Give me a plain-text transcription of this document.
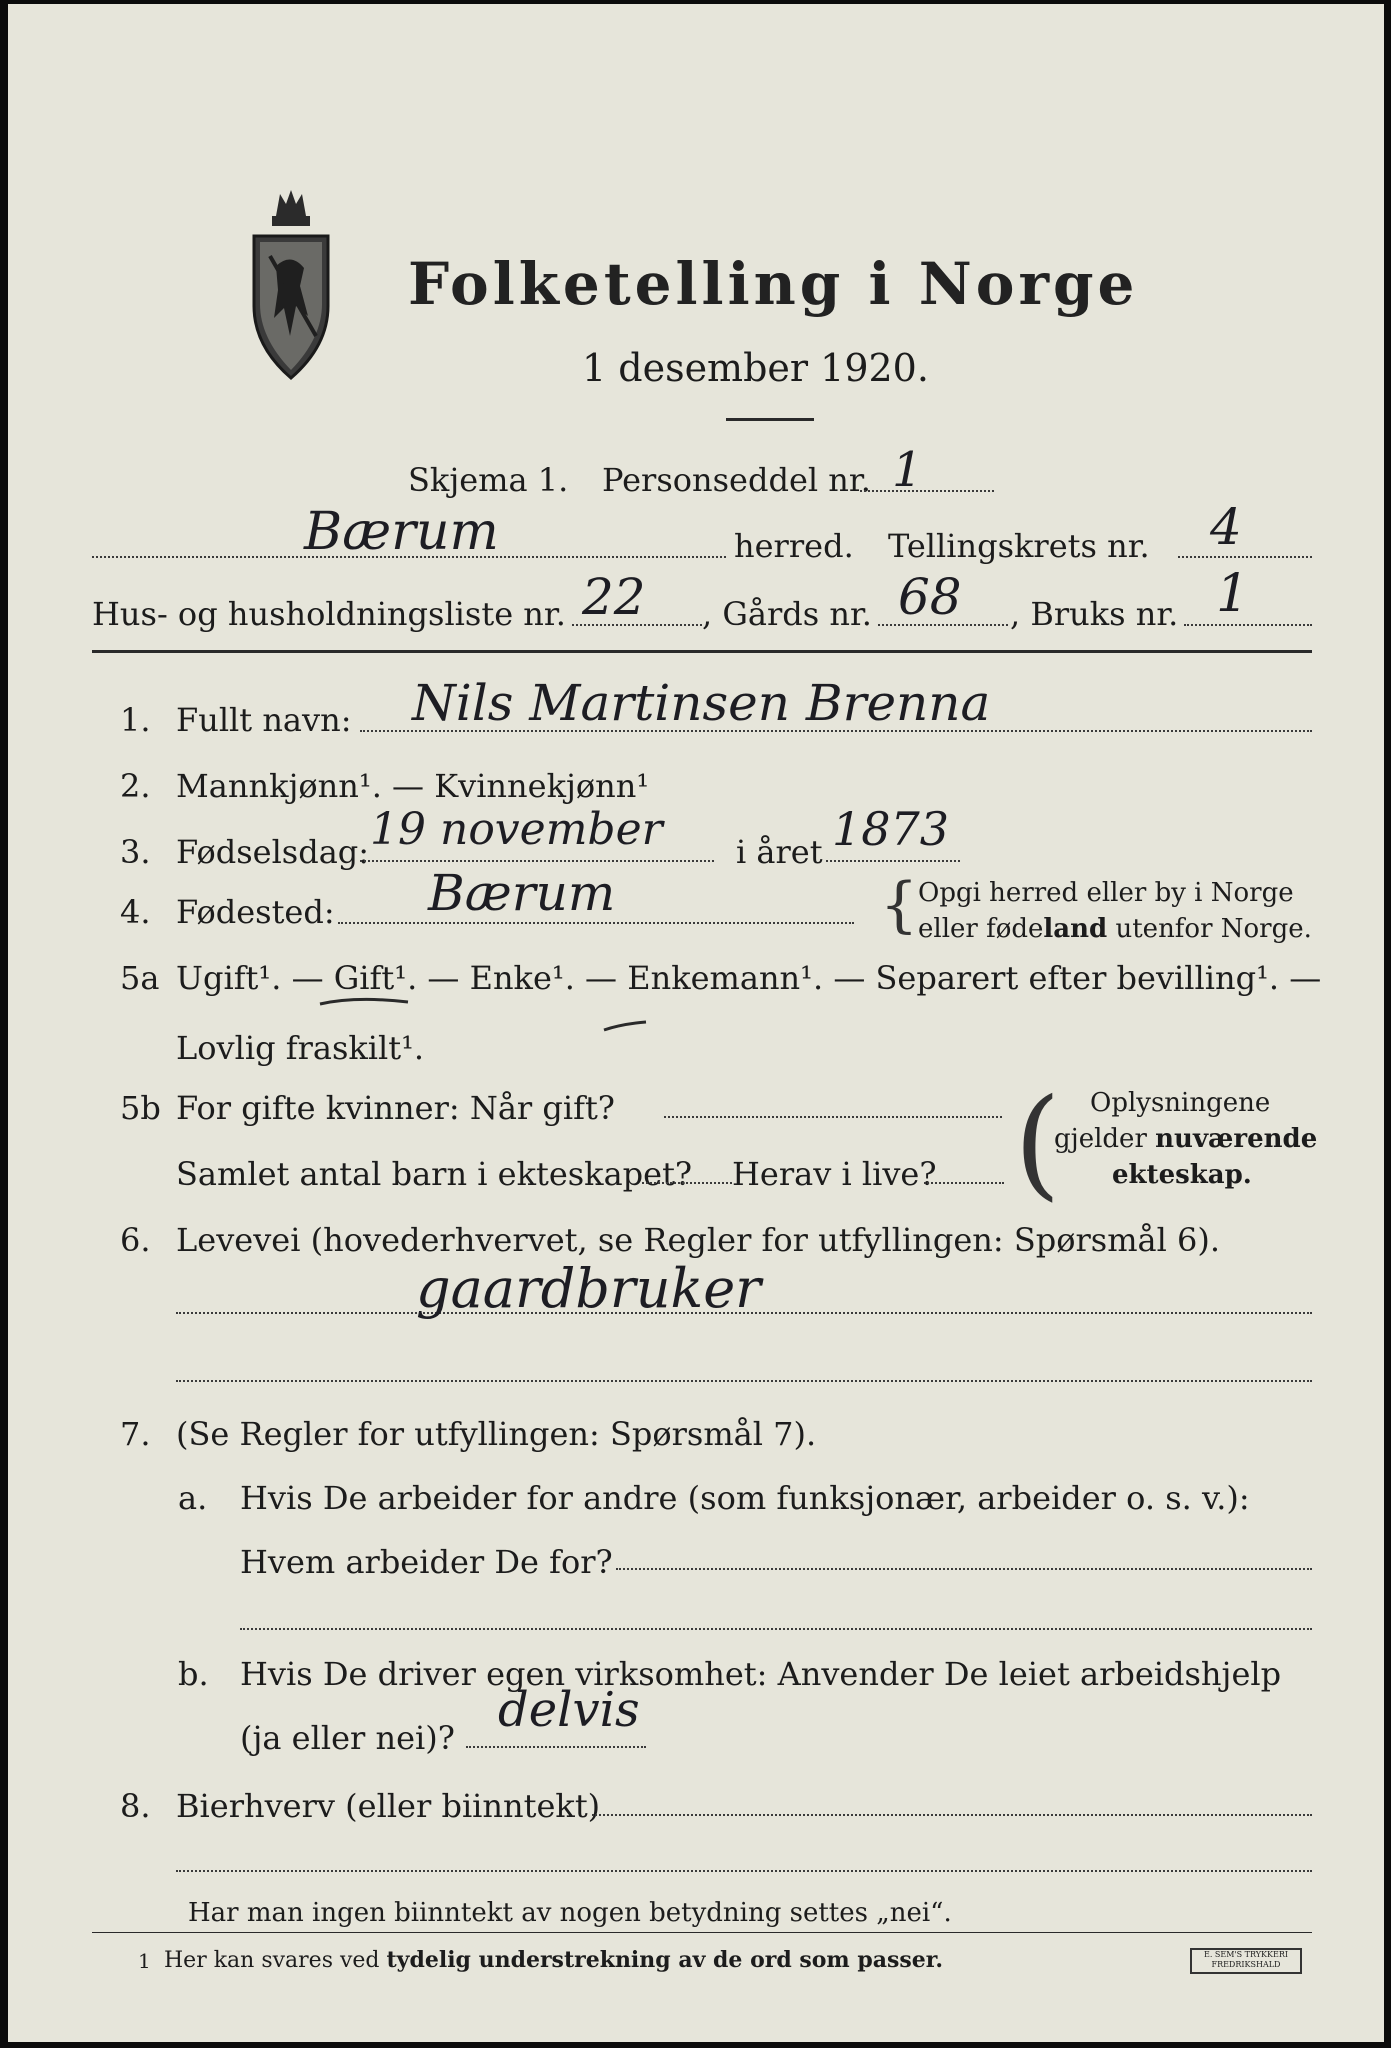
Folketelling i Norge
1 desember 1920.
Skjema 1. Personseddel nr. 1
Bærum	herred. Tellingskrets nr. 4
Hus- og husholdningsliste nr. 22 , Gårds nr. 68 , Bruks nr. 1
1. Fullt navn: Nils Martinsen Brenna
2. Mannkjønn¹. — Kvinnekjønn¹
3. Fødselsdag: 19 november i året 1873
4. Fødested: Bærum	{ Opgi herred eller by i Norge
eller fødeland utenfor Norge.
5a Ugift¹. — Gift¹. — Enke¹. — Enkemann¹. — Separert efter bevilling¹. —
Lovlig fraskilt¹.
5b For gifte kvinner: Når gift?
Samlet antal barn i ekteskapet? Herav i live? ( Oplysningene
gjelder nuværende
ekteskap.
6. Levevei (hovederhvervet, se Regler for utfyllingen: Spørsmål 6).
gaardbruker
7. (Se Regler for utfyllingen: Spørsmål 7).
a. Hvis De arbeider for andre (som funksjonær, arbeider o. s. v.):
Hvem arbeider De for?
b. Hvis De driver egen virksomhet: Anvender De leiet arbeidshjelp
(ja eller nei)? delvis
8. Bierhverv (eller biinntekt)
Har man ingen biinntekt av nogen betydning settes „nei“.
1 Her kan svares ved tydelig understrekning av de ord som passer.	E. SEM'S TRYKKERI FREDRIKSHALD
